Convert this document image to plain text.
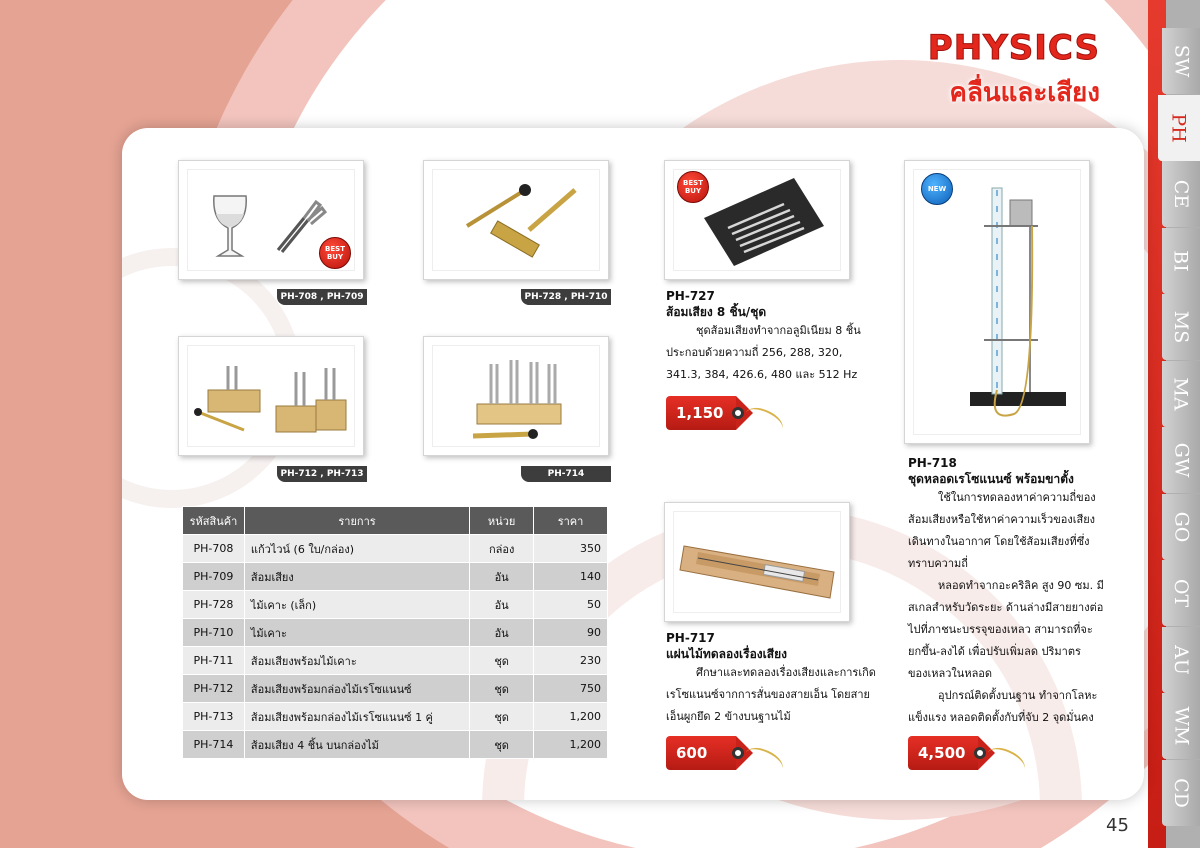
SW
PH
CE
BI
MS
MA
GW
GO
OT
AU
WM
CD
PHYSICS
คลื่นและเสียง
BEST
BUY
PH-708 , PH-709	PH-728 , PH-710
PH-712 , PH-713	PH-714
BEST
BUY	NEW
PH-727
ส้อมเสียง 8 ชิ้น/ชุด
ชุดส้อมเสียงทำจากอลูมิเนียม 8 ชิ้น ประกอบด้วยความถี่ 256, 288, 320, 341.3, 384, 426.6, 480 และ 512 Hz
PH-717
แผ่นไม้ทดลองเรื่องเสียง
ศึกษาและทดลองเรื่องเสียงและการเกิดเรโซแนนซ์จากการสั่นของสายเอ็น โดยสายเอ็นผูกยึด 2 ข้างบนฐานไม้
PH-718
ชุดหลอดเรโซแนนซ์ พร้อมขาตั้ง
ใช้ในการทดลองหาค่าความถี่ของส้อมเสียงหรือใช้หาค่าความเร็วของเสียงเดินทางในอากาศ โดยใช้ส้อมเสียงที่ซึ่งทราบความถี่
หลอดทำจากอะคริลิค สูง 90 ซม. มีสเกลสำหรับวัดระยะ ด้านล่างมีสายยางต่อไปที่ภาชนะบรรจุของเหลว สามารถที่จะยกขึ้น-ลงได้ เพื่อปรับเพิ่มลด ปริมาตรของเหลวในหลอด
อุปกรณ์ติดตั้งบนฐาน ทำจากโลหะแข็งแรง หลอดติดตั้งกับที่จับ 2 จุดมั่นคง
1,150
600	4,500
รหัสสินค้า	รายการ	หน่วย	ราคา
PH-708	แก้วไวน์ (6 ใบ/กล่อง)	กล่อง	350
PH-709	ส้อมเสียง	อัน	140
PH-728	ไม้เคาะ (เล็ก)	อัน	50
PH-710	ไม้เคาะ	อัน	90
PH-711	ส้อมเสียงพร้อมไม้เคาะ	ชุด	230
PH-712	ส้อมเสียงพร้อมกล่องไม้เรโซแนนซ์	ชุด	750
PH-713	ส้อมเสียงพร้อมกล่องไม้เรโซแนนซ์ 1 คู่	ชุด	1,200
PH-714	ส้อมเสียง 4 ชิ้น บนกล่องไม้	ชุด	1,200
45
